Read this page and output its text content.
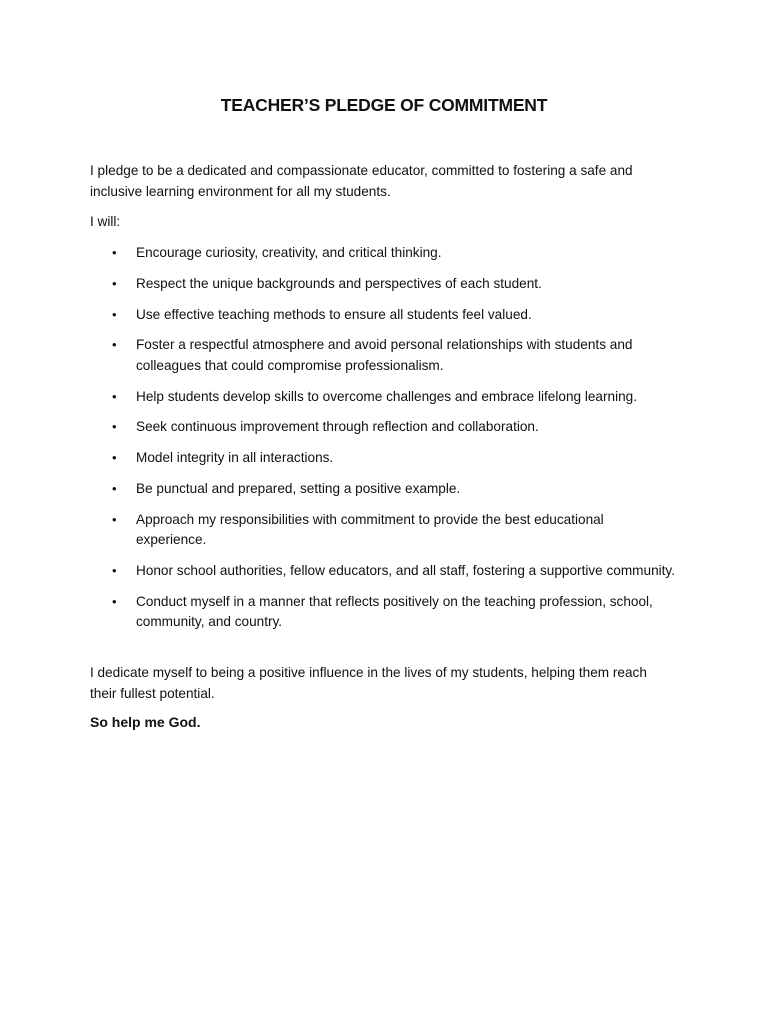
TEACHER’S PLEDGE OF COMMITMENT

I pledge to be a dedicated and compassionate educator, committed to fostering a safe and inclusive learning environment for all my students.

I will:

• Encourage curiosity, creativity, and critical thinking.
• Respect the unique backgrounds and perspectives of each student.
• Use effective teaching methods to ensure all students feel valued.
• Foster a respectful atmosphere and avoid personal relationships with students and colleagues that could compromise professionalism.
• Help students develop skills to overcome challenges and embrace lifelong learning.
• Seek continuous improvement through reflection and collaboration.
• Model integrity in all interactions.
• Be punctual and prepared, setting a positive example.
• Approach my responsibilities with commitment to provide the best educational experience.
• Honor school authorities, fellow educators, and all staff, fostering a supportive community.
• Conduct myself in a manner that reflects positively on the teaching profession, school, community, and country.

I dedicate myself to being a positive influence in the lives of my students, helping them reach their fullest potential.

So help me God.
